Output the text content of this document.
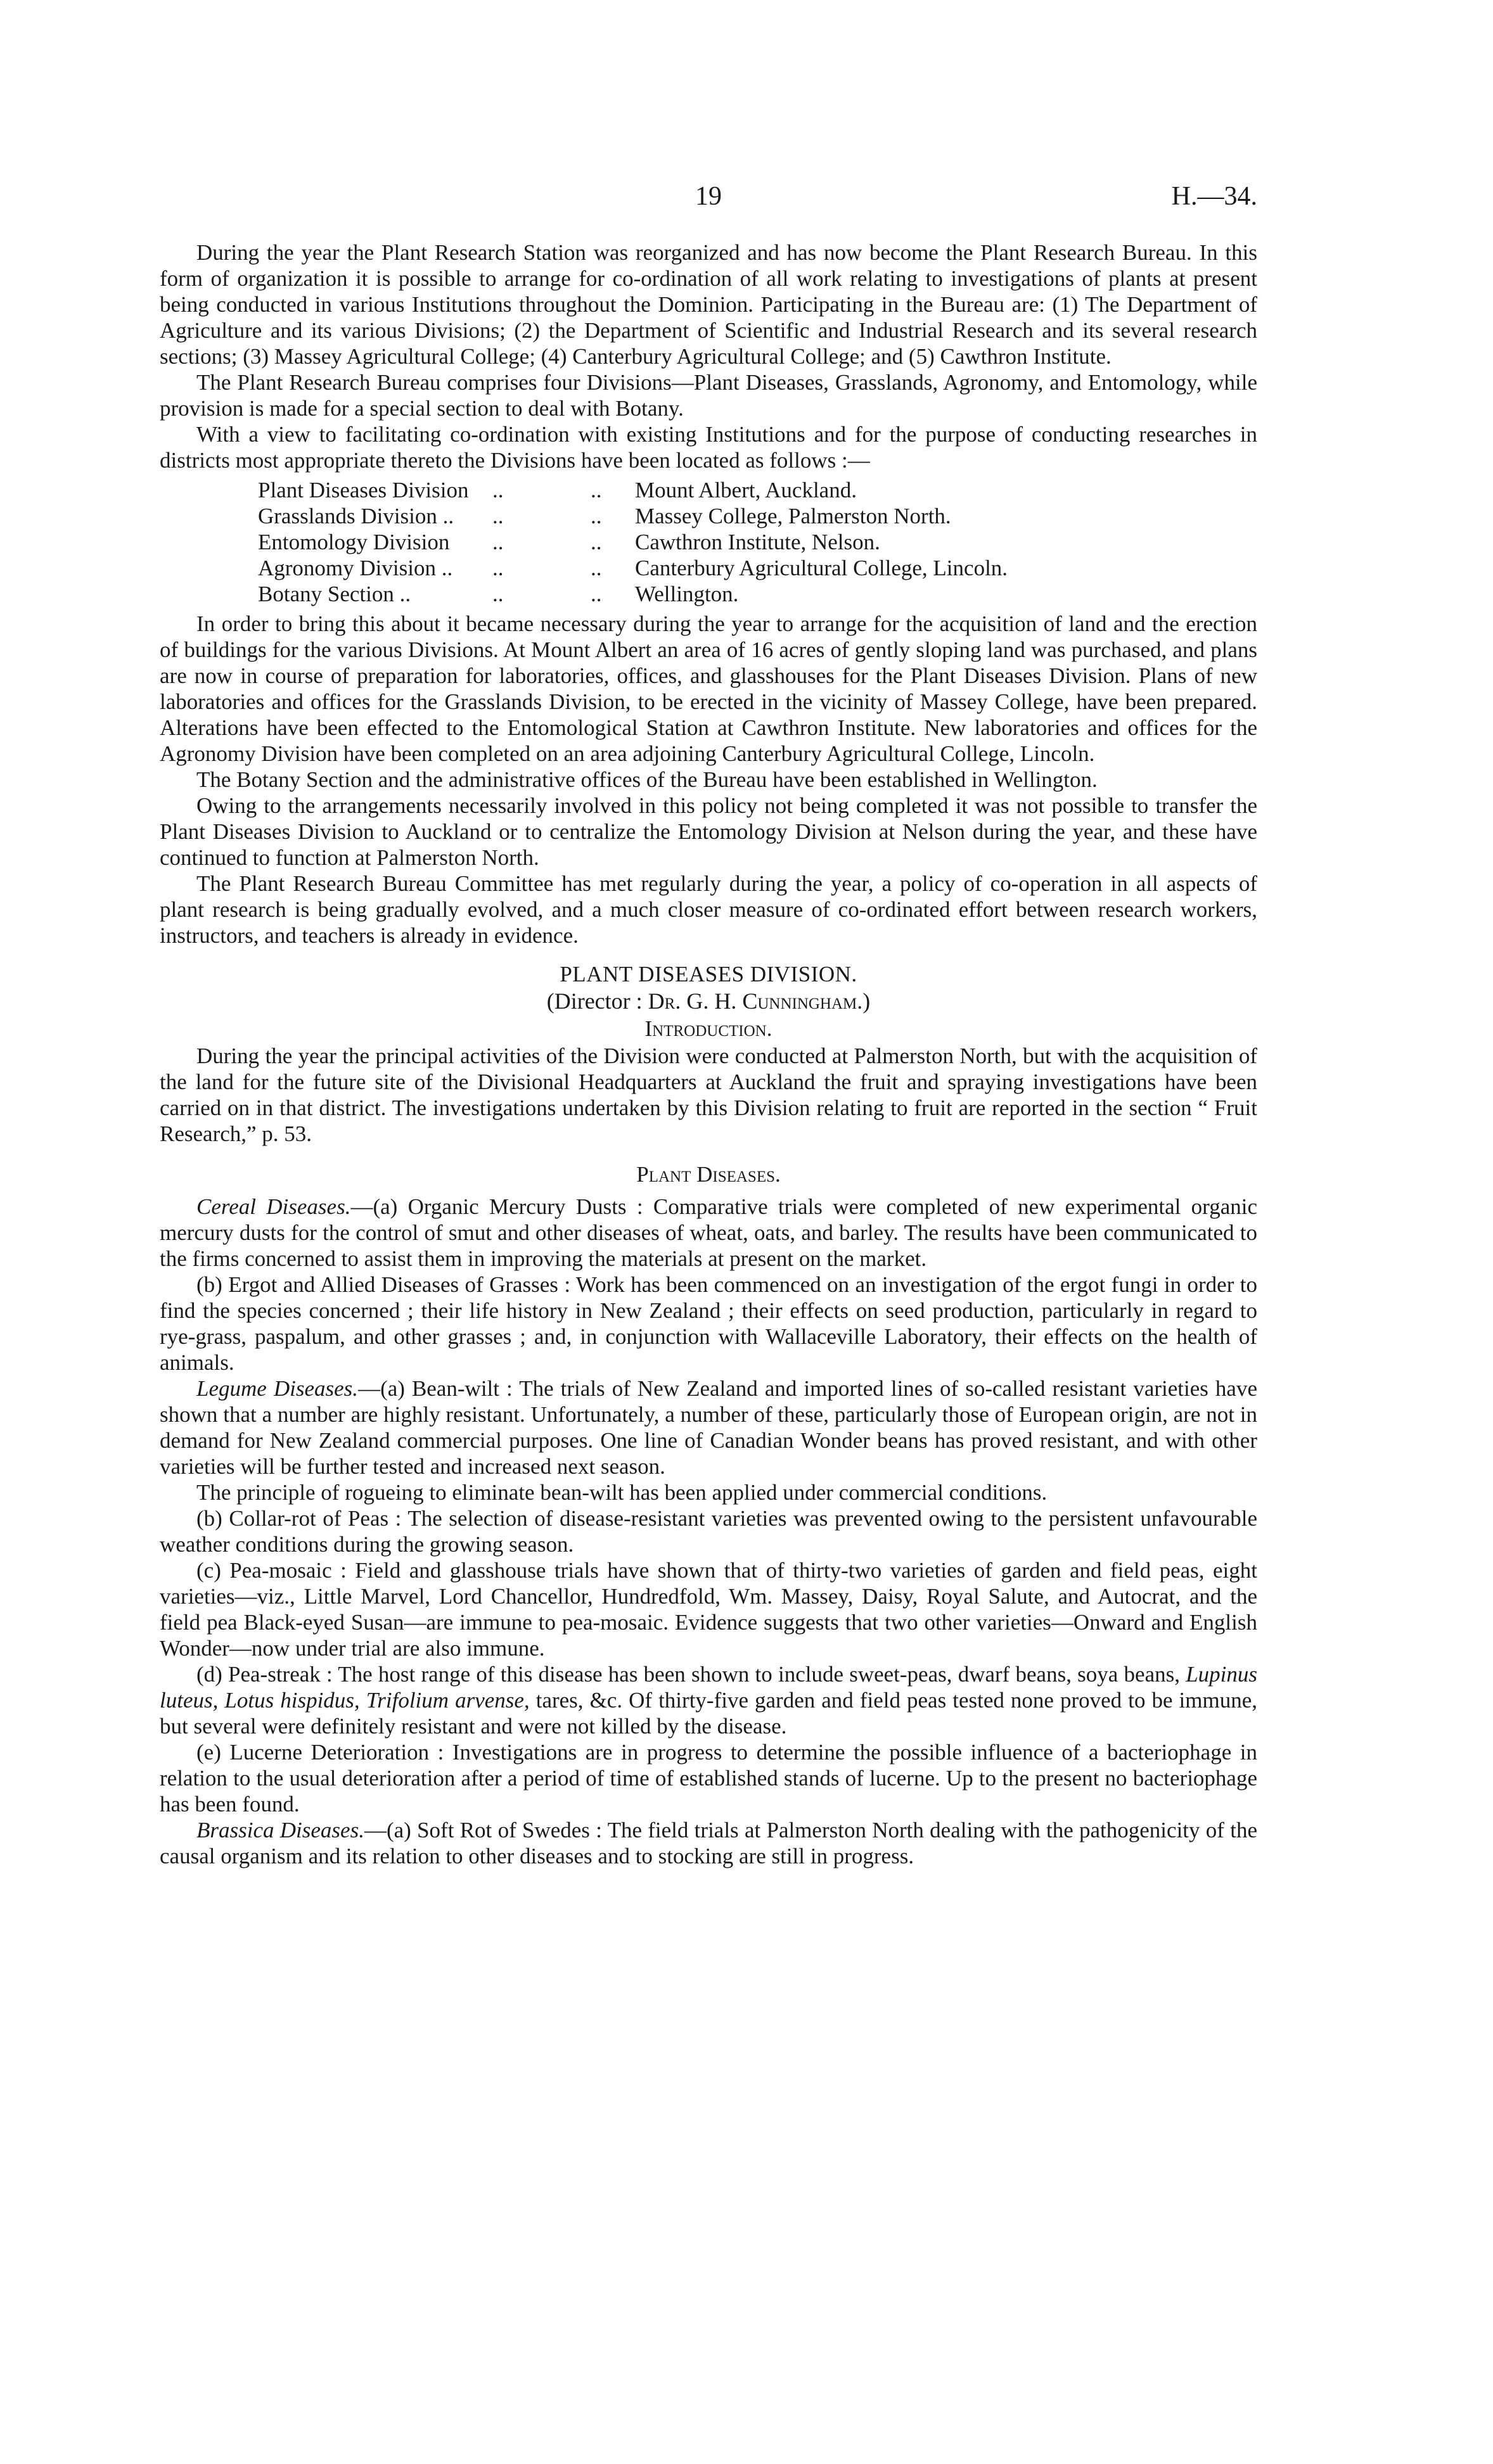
19	H.—34.

During the year the Plant Research Station was reorganized and has now become the Plant Research Bureau. In this form of organization it is possible to arrange for co-ordination of all work relating to investigations of plants at present being conducted in various Institutions throughout the Dominion. Participating in the Bureau are: (1) The Department of Agriculture and its various Divisions; (2) the Department of Scientific and Industrial Research and its several research sections; (3) Massey Agricultural College; (4) Canterbury Agricultural College; and (5) Cawthron Institute.

The Plant Research Bureau comprises four Divisions—Plant Diseases, Grasslands, Agronomy, and Entomology, while provision is made for a special section to deal with Botany.

With a view to facilitating co-ordination with existing Institutions and for the purpose of conducting researches in districts most appropriate thereto the Divisions have been located as follows :—

Plant Diseases Division	..	..	Mount Albert, Auckland.
Grasslands Division ..	..	..	Massey College, Palmerston North.
Entomology Division	..	..	Cawthron Institute, Nelson.
Agronomy Division ..	..	..	Canterbury Agricultural College, Lincoln.
Botany Section ..	..	..	Wellington.

In order to bring this about it became necessary during the year to arrange for the acquisition of land and the erection of buildings for the various Divisions. At Mount Albert an area of 16 acres of gently sloping land was purchased, and plans are now in course of preparation for laboratories, offices, and glasshouses for the Plant Diseases Division. Plans of new laboratories and offices for the Grasslands Division, to be erected in the vicinity of Massey College, have been prepared. Alterations have been effected to the Entomological Station at Cawthron Institute. New laboratories and offices for the Agronomy Division have been completed on an area adjoining Canterbury Agricultural College, Lincoln.

The Botany Section and the administrative offices of the Bureau have been established in Wellington.

Owing to the arrangements necessarily involved in this policy not being completed it was not possible to transfer the Plant Diseases Division to Auckland or to centralize the Entomology Division at Nelson during the year, and these have continued to function at Palmerston North.

The Plant Research Bureau Committee has met regularly during the year, a policy of co-operation in all aspects of plant research is being gradually evolved, and a much closer measure of co-ordinated effort between research workers, instructors, and teachers is already in evidence.

PLANT DISEASES DIVISION.
(Director : Dr. G. H. Cunningham.)
Introduction.

During the year the principal activities of the Division were conducted at Palmerston North, but with the acquisition of the land for the future site of the Divisional Headquarters at Auckland the fruit and spraying investigations have been carried on in that district. The investigations undertaken by this Division relating to fruit are reported in the section “ Fruit Research,” p. 53.

Plant Diseases.

Cereal Diseases.—(a) Organic Mercury Dusts : Comparative trials were completed of new experimental organic mercury dusts for the control of smut and other diseases of wheat, oats, and barley. The results have been communicated to the firms concerned to assist them in improving the materials at present on the market.

(b) Ergot and Allied Diseases of Grasses : Work has been commenced on an investigation of the ergot fungi in order to find the species concerned ; their life history in New Zealand ; their effects on seed production, particularly in regard to rye-grass, paspalum, and other grasses ; and, in conjunction with Wallaceville Laboratory, their effects on the health of animals.

Legume Diseases.—(a) Bean-wilt : The trials of New Zealand and imported lines of so-called resistant varieties have shown that a number are highly resistant. Unfortunately, a number of these, particularly those of European origin, are not in demand for New Zealand commercial purposes. One line of Canadian Wonder beans has proved resistant, and with other varieties will be further tested and increased next season.

The principle of rogueing to eliminate bean-wilt has been applied under commercial conditions.

(b) Collar-rot of Peas : The selection of disease-resistant varieties was prevented owing to the persistent unfavourable weather conditions during the growing season.

(c) Pea-mosaic : Field and glasshouse trials have shown that of thirty-two varieties of garden and field peas, eight varieties—viz., Little Marvel, Lord Chancellor, Hundredfold, Wm. Massey, Daisy, Royal Salute, and Autocrat, and the field pea Black-eyed Susan—are immune to pea-mosaic. Evidence suggests that two other varieties—Onward and English Wonder—now under trial are also immune.

(d) Pea-streak : The host range of this disease has been shown to include sweet-peas, dwarf beans, soya beans, Lupinus luteus, Lotus hispidus, Trifolium arvense, tares, &c. Of thirty-five garden and field peas tested none proved to be immune, but several were definitely resistant and were not killed by the disease.

(e) Lucerne Deterioration : Investigations are in progress to determine the possible influence of a bacteriophage in relation to the usual deterioration after a period of time of established stands of lucerne. Up to the present no bacteriophage has been found.

Brassica Diseases.—(a) Soft Rot of Swedes : The field trials at Palmerston North dealing with the pathogenicity of the causal organism and its relation to other diseases and to stocking are still in progress.
